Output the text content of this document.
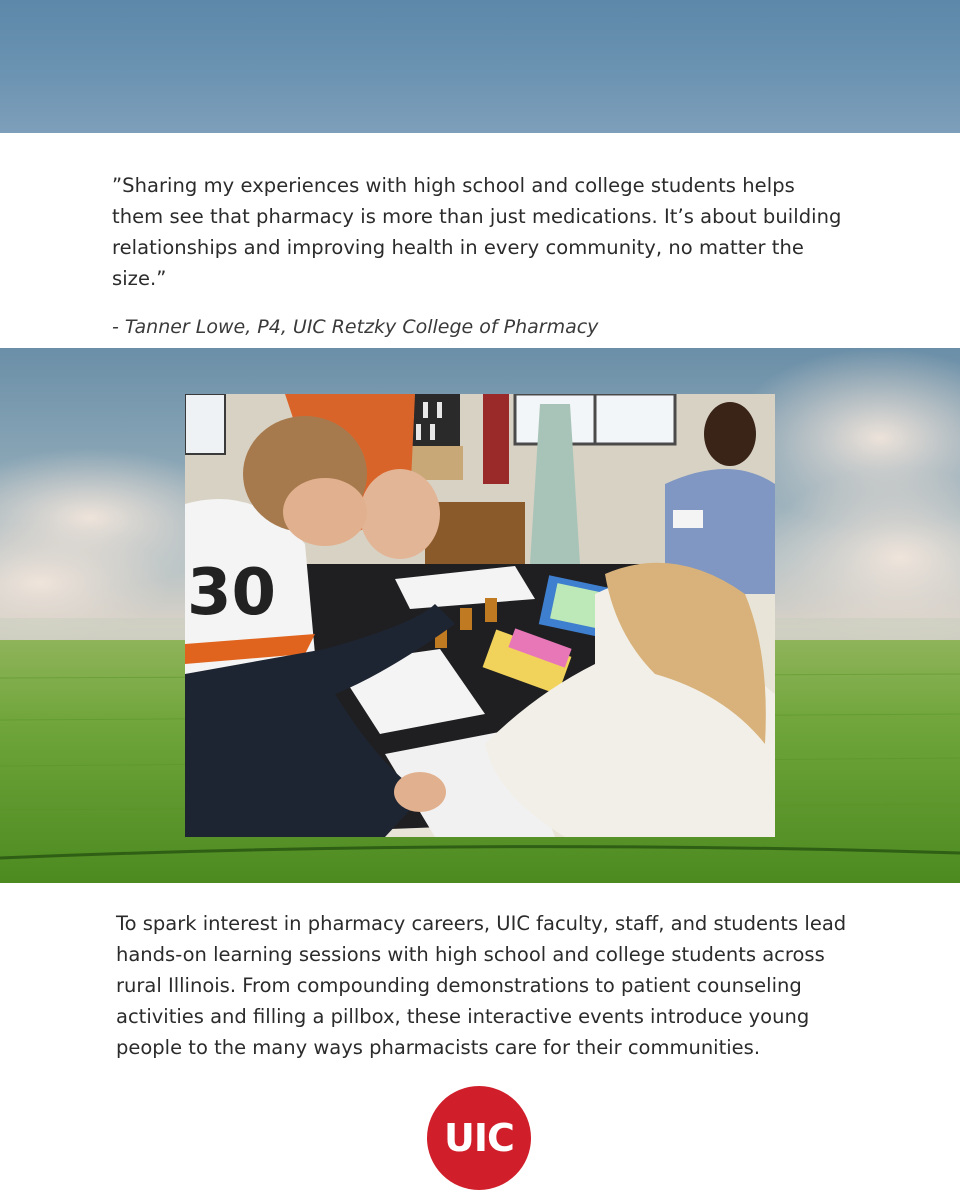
”Sharing my experiences with high school and college students helps them see that pharmacy is more than just medications. It’s about building relationships and improving health in every community, no matter the size.”

- Tanner Lowe, P4, UIC Retzky College of Pharmacy

30

To spark interest in pharmacy careers, UIC faculty, staff, and students lead hands-on learning sessions with high school and college students across rural Illinois. From compounding demonstrations to patient counseling activities and filling a pillbox, these interactive events introduce young people to the many ways pharmacists care for their communities.

UIC
